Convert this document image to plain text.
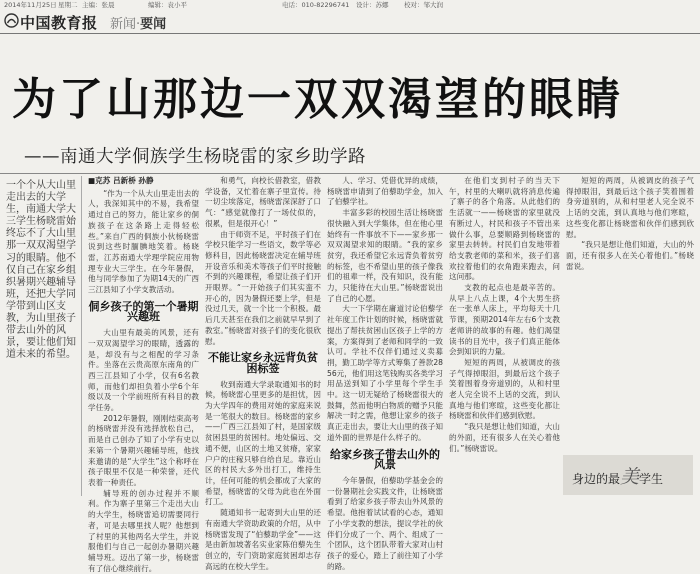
2014年11月25日 星期二 主编：张晨	编辑：袁小平	电话：010-82296741 设计：苏娜 校对：邹大润
中国教育报 新闻·要闻
为了山那边一双双渴望的眼睛
——南通大学侗族学生杨晓雷的家乡助学路
一个个从大山里走出去的大学生，南通大学大三学生杨晓雷始终忘不了大山里那一双双渴望学习的眼睛。他不仅自己在家乡组织暑期兴趣辅导班，还把大学同学带到山区支教，为山里孩子带去山外的风景，要让他们知道未来的希望。
■克苏 吕新桥 孙静

“作为一个从大山里走出去的人，我深知其中的不易，我希望通过自己的努力，能让家乡的侗族孩子在这条路上走得轻松些。”来自广西的侗族小伙杨晓雷说到这些时腼腆地笑着。杨晓雷，江苏南通大学理学院应用物理专业大三学生。在今年暑假，他与同学参加了为期14天的广西三江县知了小学支教活动。

侗乡孩子的第一个暑期兴趣班

大山里有最美的风景，还有一双双渴望学习的眼睛，透露的是，却没有与之相配的学习条件。坐落在云贵高原东南角的广西三江县知了小学，仅有6名教师，而他们却担负着小学6个年级以及一个学前班所有科目的教学任务。

2012年暑假，刚刚结束高考的杨晓雷并没有选择放松自己，而是自己创办了知了小学有史以来第一个暑期兴趣辅导班，他找来邀请的是“大学生”这个称呼在孩子眼里不仅是一种荣誉，还代表着一种责任。

辅导班的创办过程并不顺利。作为寨子里第三个走出大山的大学生，杨晓雷追切需要同行者，可是去哪里找人呢？他想到了村里的其他两名大学生，并说服他们与自己一起创办暑期兴趣辅导班。迈出了第一步，杨晓雷有了信心继续前行。

和勇气，向校长借教室，借教学设备，又忙着在寨子里宣传。待一切尘埃落定，杨晓雷深深舒了口气：“感觉就像打了一场仗似的，很累，但是很开心！”

由于师资不足，平时孩子们在学校只能学习一些语文，数学等必修科目，因此杨晓雷决定在辅导班开设音乐和美术等孩子们平时接触不到的兴趣课程，希望让孩子们开开眼界。“一开始孩子们其实蛮不开心的，因为暑假还要上学，但是没过几天，就一个比一个积极。最后几天甚至在我们之前就早早到了教室。”杨晓雷对孩子们的变化很欣慰。

不能让家乡永远背负贫困标签

收到南通大学录取通知书的时候，杨晓雷心里更多的是担忧，因为大学四年的费用对她的家庭来说是一笔很大的数目。杨晓雷的家乡——广西三江县知了村，是国家级贫困县里的贫困村。地处偏远、交通不便，山区的土地又贫瘠，家家户户的庄稼只够自给自足。靠近山区的村民大多外出打工，维持生计，任何可能的机会都成了大家的希望，杨晓雷的父母为此也在外面打工。

随通知书一起寄到大山里的还有南通大学资助政策的介绍，从中杨晓雷发现了“伯藜助学金”——这是由新加坡著名实业家陈伯藜先生创立的，专门资助家庭贫困却志存高远的在校大学生。

人、学习、凭借优异的成绩，杨晓雷申请到了伯藜助学金，加入了伯藜学社。

丰富多彩的校园生活让杨晓雷很快融入到大学集体，但在他心里始终有一件事放不下——家乡那一双双渴望求知的眼睛。“我的家乡贫穷，我还希望它永远背负着贫穷的标签，也不希望山里的孩子像我们的祖辈一样，没有知识，没有能力，只能待在大山里。”杨晓雷说出了自己的心愿。

大一下学期在庸道讨论伯藜学社年度工作计划的时候，杨晓雷就提出了帮扶贫困山区孩子上学的方案，方案得到了老师和同学的一致认可。学社不仅伴们通过义卖募捐，勤工助学等方式筹集了善款2856元，他们用这笔钱购买各类学习用品送到知了小学里每个学生手中。这一切无疑给了杨晓雷很大的鼓舞，然而他明白物质的赠予只能解决一时之需，他想让家乡的孩子真正走出去，要让大山里的孩子知道外面的世界是什么样子的。

给家乡孩子带去山外的风景

今年暑假，伯藜助学基金会的一份暑期社会实践文件，让杨晓雷看到了给家乡孩子带去山外风景的希望。他抱着试试看的心态，通知了小学支教的想法，提议学社的伙伴们分成了一个、两个、组成了一个团队，这个团队带着大家对山村孩子的爱心，踏上了前往知了小学的路。

在他们支到村子的当天下午，村里的大喇叭就将消息传遍了寨子的各个角落。从此他们的生活就一——杨晓雷的家里就没有断过人，村民和孩子不管出来做什么事，总要顺路到杨晓雷的家里去转转。村民们自发地带着给支教老师的菜和米，孩子们喜欢拉着他们的衣角跑来跑去，问这问那。

支教的起点也是最辛苦的。从早上八点上课，4个大男生挤在一张单人床上，平均每天十几节课，预期2014年左右6个支教老师讲的故事的有趣。他们渴望读书的目光中，孩子们真正能体会到知识的力量。

短短的两周，从被调皮的孩子气得掉眼泪，到最后这个孩子笑着围着身旁道别的，从和村里老人完全说不上话的交流，到认真地与他们寒暄，这些变化都让杨晓雷和伙伴们感到欣慰。

“我只是想让他们知道，大山的外面，还有很多人在关心着他们。”杨晓雷说。

短短的两周，从被调皮的孩子气得掉眼泪，到最后这个孩子笑着围着身旁道别的，从和村里老人完全说不上话的交流，到认真地与他们寒暄，这些变化都让杨晓雷和伙伴们感到欣慰。

“我只是想让他们知道，大山的外面，还有很多人在关心着他们。”杨晓雷说。

身边的最美学生
